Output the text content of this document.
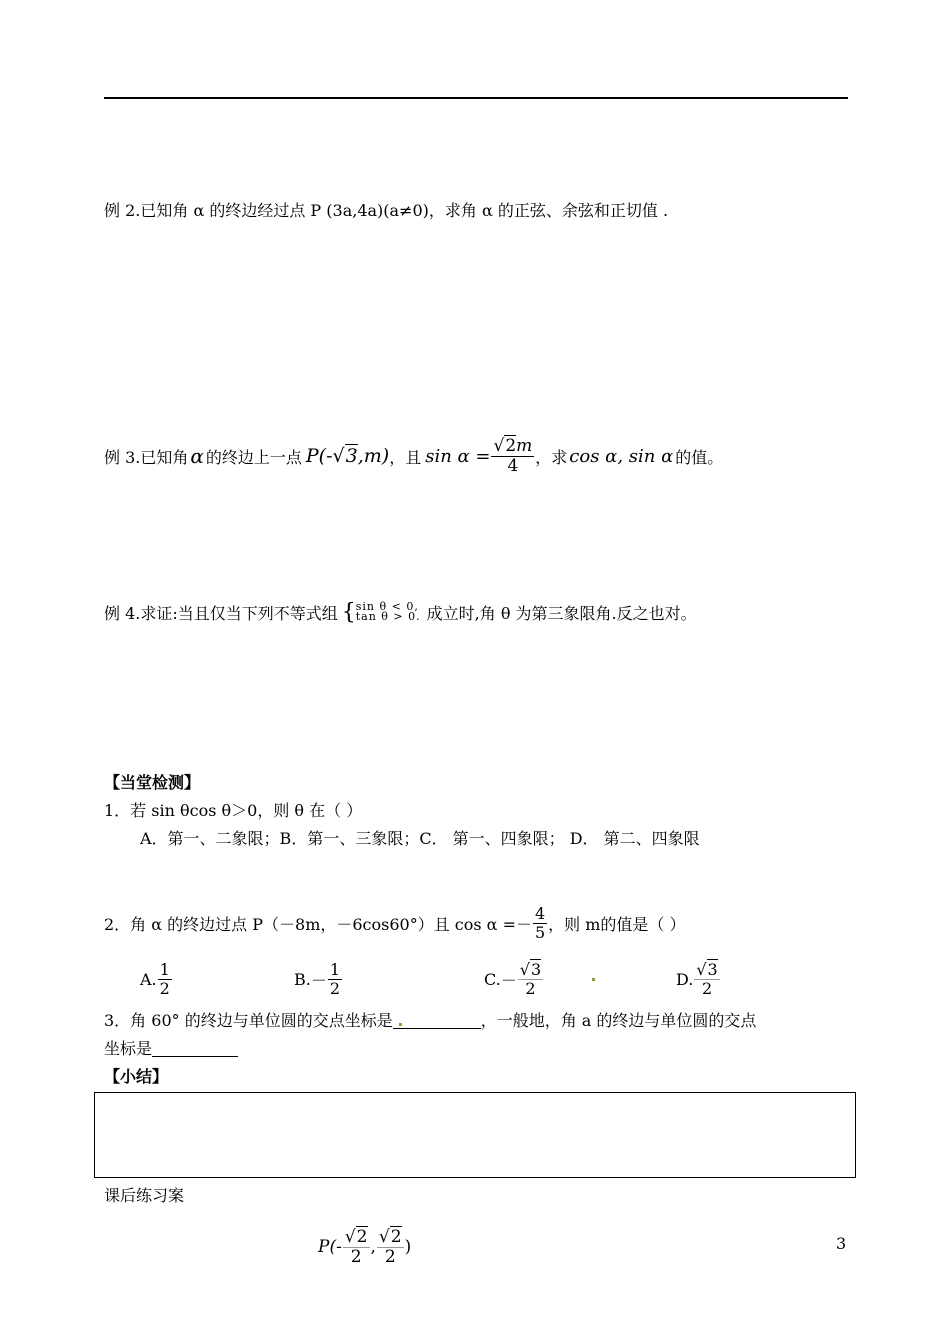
例 2.已知角 α 的终边经过点 P (3a,4a)(a≠0)，求角 α 的正弦、余弦和正切值 .
例 3.已知角 α 的终边上一点 P(-√3,m) ，且 $\sin \alpha = \frac{√2m}{4}$ ，求 cos α, sin α 的值。
例 4.求证:当且仅当下列不等式组 { sin θ < 0,
tan θ > 0. 成立时,角 θ 为第三象限角.反之也对。
【当堂检测】
1．若 sin θcos θ＞0，则 θ 在（ ）
A．第一、二象限；B．第一、三象限；C． 第一、四象限； D． 第二、四象限
2．角 α 的终边过点 P（－8m，－6cos60°）且 $\cos \alpha =- \frac{4}{5}$ ，则 m的值是（ ）
A. $\frac{1}{2}$	B. － $\frac{1}{2}$	C. － $\frac{√3}{2}$	D. $\frac{√3}{2}$
3．角 60° 的终边与单位圆的交点坐标是	，一般地，角 a 的终边与单位圆的交点
坐标是
【小结】
课后练习案
$P(- \frac{√2}{2}$ , $\frac{√2}{2}$ )	3
